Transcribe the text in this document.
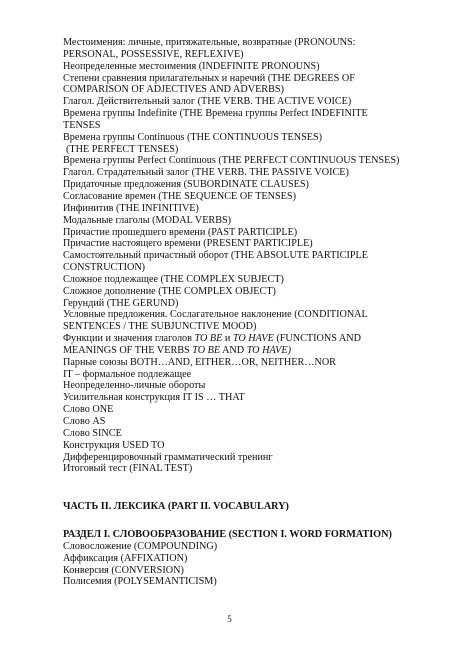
Местоимения: личные, притяжательные, возвратные (PRONOUNS:
PERSONAL, POSSESSIVE, REFLEXIVE)
Неопределенные местоимения (INDEFINITE PRONOUNS)
Степени сравнения прилагательных и наречий (THE DEGREES OF
COMPARISON OF ADJECTIVES AND ADVERBS)
Глагол. Действительный залог (THE VERB. THE ACTIVE VOICE)
Времена группы Indefinite (THE Времена группы Perfect INDEFINITE
TENSES
Времена группы Continuous (THE CONTINUOUS TENSES)
(THE PERFECT TENSES)
Времена группы Perfect Continuous (THE PERFECT CONTINUOUS TENSES)
Глагол. Страдательный залог (THE VERB. THE PASSIVE VOICE)
Придаточные предложения (SUBORDINATE CLAUSES)
Согласование времен (THE SEQUENCE OF TENSES)
Инфинитив (THE INFINITIVE)
Модальные глаголы (MODAL VERBS)
Причастие прошедшего времени (PAST PARTICIPLE)
Причастие настоящего времени (PRESENT PARTICIPLE)
Самостоятельный причастный оборот (THE ABSOLUTE PARTICIPLE
CONSTRUCTION)
Сложное подлежащее (THE COMPLEX SUBJECT)
Сложное дополнение (THE COMPLEX OBJECT)
Герундий (THE GERUND)
Условные предложения. Сослагательное наклонение (CONDITIONAL
SENTENCES / THE SUBJUNCTIVE MOOD)
Функции и значения глаголов TO BE и TO HAVE (FUNCTIONS AND
MEANINGS OF THE VERBS TO BE AND TO HAVE)
Парные союзы BOTH…AND, EITHER…OR, NEITHER…NOR
IT – формальное подлежащее
Неопределенно-личные обороты
Усилительная конструкция IT IS … THAT
Слово ONE
Слово AS
Слово SINCE
Конструкция USED TO
Дифференцировочный грамматический тренинг
Итоговый тест (FINAL TEST)
ЧАСТЬ II. ЛЕКСИКА (PART II. VOCABULARY)
РАЗДЕЛ I. СЛОВООБРАЗОВАНИЕ (SECTION I. WORD FORMATION)
Словосложение (COMPOUNDING)
Аффиксация (AFFIXATION)
Конверсия (CONVERSION)
Полисемия (POLYSEMANTICISM)
5
